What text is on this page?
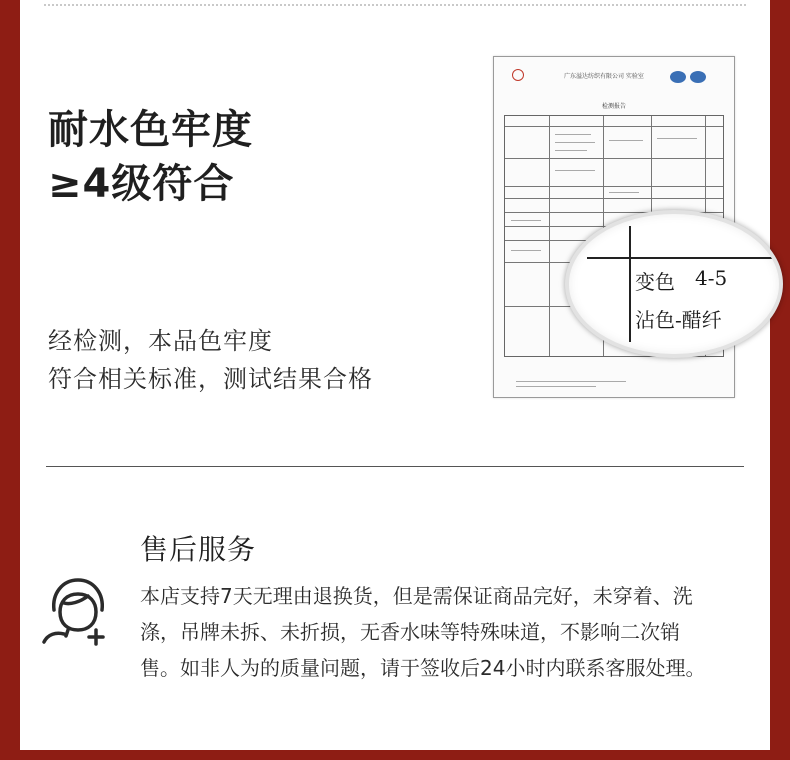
耐水色牢度
≥4级符合
经检测，本品色牢度
符合相关标准，测试结果合格
广东溢达纺织有限公司 实验室
检测报告
变色 4-5
沾色-醋纤
售后服务
本店支持7天无理由退换货，但是需保证商品完好，未穿着、洗
涤，吊牌未拆、未折损，无香水味等特殊味道，不影响二次销
售。如非人为的质量问题，请于签收后24小时内联系客服处理。
